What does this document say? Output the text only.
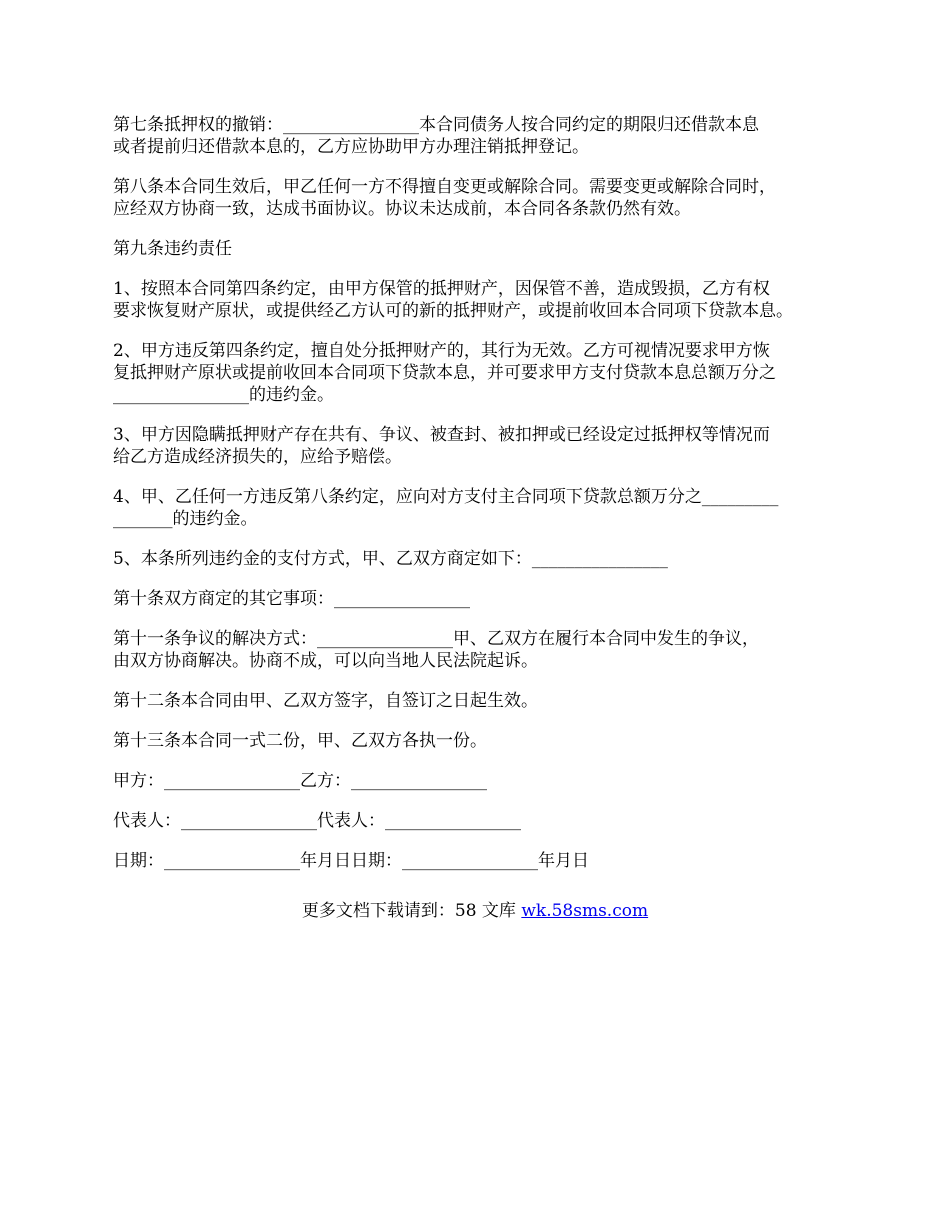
第七条抵押权的撤销：________________本合同债务人按合同约定的期限归还借款本息
或者提前归还借款本息的，乙方应协助甲方办理注销抵押登记。

第八条本合同生效后，甲乙任何一方不得擅自变更或解除合同。需要变更或解除合同时，
应经双方协商一致，达成书面协议。协议未达成前，本合同各条款仍然有效。

第九条违约责任

1、按照本合同第四条约定，由甲方保管的抵押财产，因保管不善，造成毁损，乙方有权
要求恢复财产原状，或提供经乙方认可的新的抵押财产，或提前收回本合同项下贷款本息。

2、甲方违反第四条约定，擅自处分抵押财产的，其行为无效。乙方可视情况要求甲方恢
复抵押财产原状或提前收回本合同项下贷款本息，并可要求甲方支付贷款本息总额万分之
________________的违约金。

3、甲方因隐瞒抵押财产存在共有、争议、被查封、被扣押或已经设定过抵押权等情况而
给乙方造成经济损失的，应给予赔偿。

4、甲、乙任何一方违反第八条约定，应向对方支付主合同项下贷款总额万分之_________
_______的违约金。

5、本条所列违约金的支付方式，甲、乙双方商定如下：________________

第十条双方商定的其它事项：________________

第十一条争议的解决方式：________________甲、乙双方在履行本合同中发生的争议，
由双方协商解决。协商不成，可以向当地人民法院起诉。

第十二条本合同由甲、乙双方签字，自签订之日起生效。

第十三条本合同一式二份，甲、乙双方各执一份。

甲方：________________乙方：________________

代表人：________________代表人：________________

日期：________________年月日日期：________________年月日

更多文档下载请到：58 文库 wk.58sms.com
